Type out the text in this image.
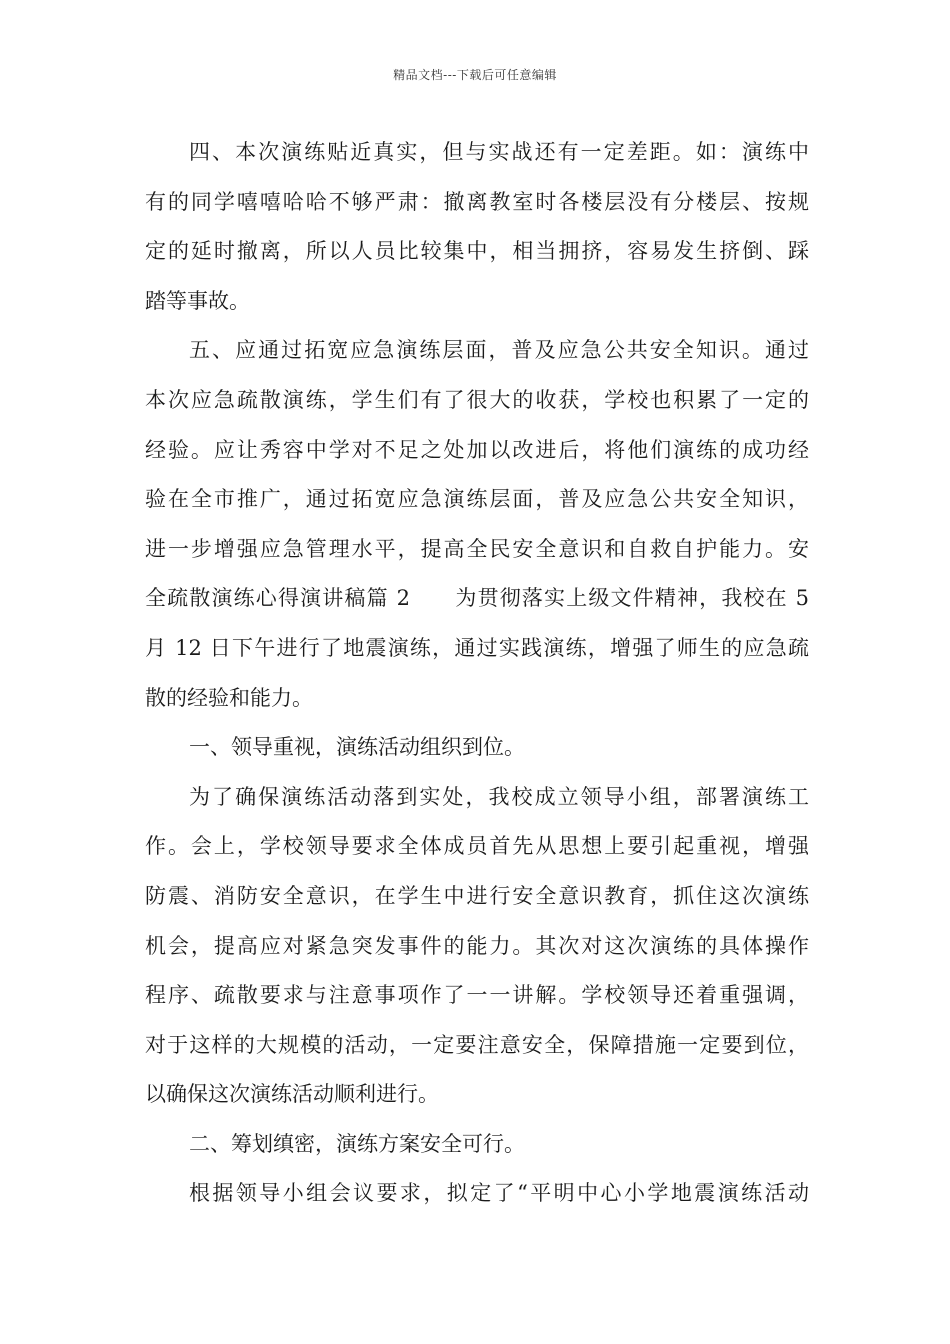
精品文档---下载后可任意编辑
四、本次演练贴近真实，但与实战还有一定差距。如：演练中
有的同学嘻嘻哈哈不够严肃：撤离教室时各楼层没有分楼层、按规
定的延时撤离，所以人员比较集中，相当拥挤，容易发生挤倒、踩
踏等事故。
五、应通过拓宽应急演练层面，普及应急公共安全知识。通过
本次应急疏散演练，学生们有了很大的收获，学校也积累了一定的
经验。应让秀容中学对不足之处加以改进后，将他们演练的成功经
验在全市推广，通过拓宽应急演练层面，普及应急公共安全知识，
进一步增强应急管理水平，提高全民安全意识和自救自护能力。安
全疏散演练心得演讲稿篇 2　　为贯彻落实上级文件精神，我校在 5
月 12 日下午进行了地震演练，通过实践演练，增强了师生的应急疏
散的经验和能力。
一、领导重视，演练活动组织到位。
为了确保演练活动落到实处，我校成立领导小组，部署演练工
作。会上，学校领导要求全体成员首先从思想上要引起重视，增强
防震、消防安全意识，在学生中进行安全意识教育，抓住这次演练
机会，提高应对紧急突发事件的能力。其次对这次演练的具体操作
程序、疏散要求与注意事项作了一一讲解。学校领导还着重强调，
对于这样的大规模的活动，一定要注意安全，保障措施一定要到位，
以确保这次演练活动顺利进行。
二、筹划缜密，演练方案安全可行。
根据领导小组会议要求，拟定了“平明中心小学地震演练活动
